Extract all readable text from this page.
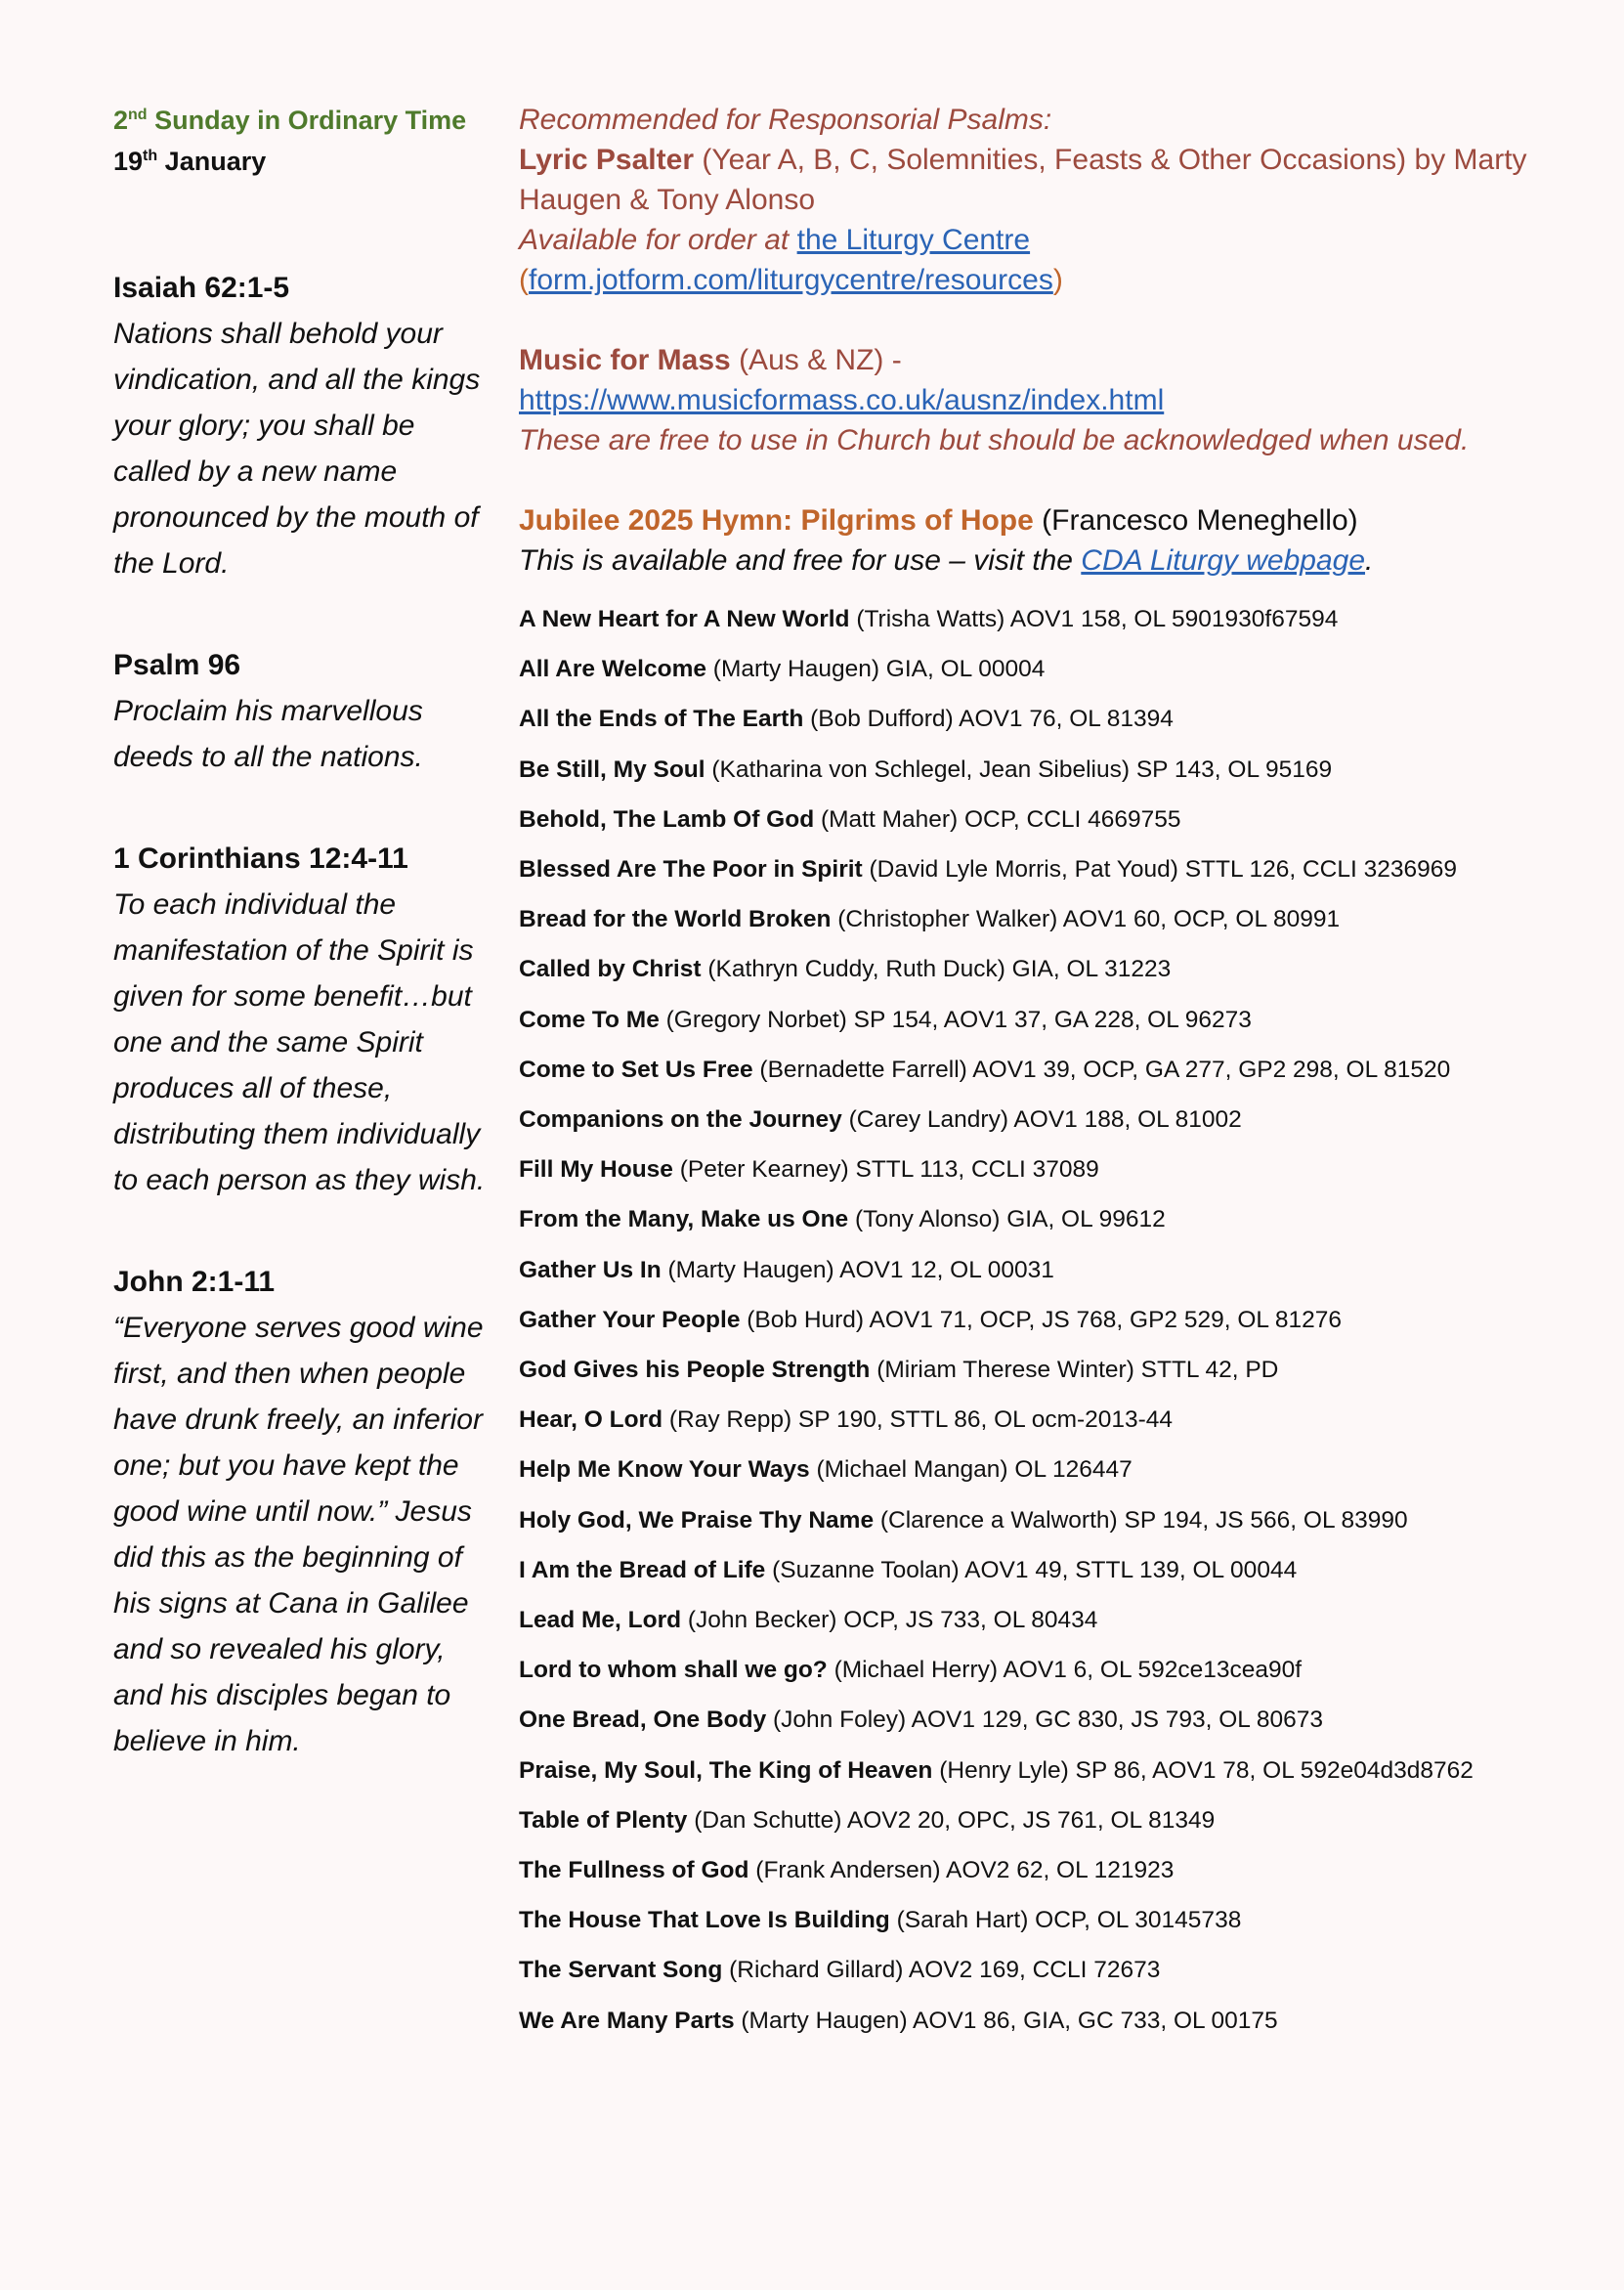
2nd Sunday in Ordinary Time
19th January
Isaiah 62:1-5
Nations shall behold your vindication, and all the kings your glory; you shall be called by a new name pronounced by the mouth of the Lord.
Psalm 96
Proclaim his marvellous deeds to all the nations.
1 Corinthians 12:4-11
To each individual the manifestation of the Spirit is given for some benefit…but one and the same Spirit produces all of these, distributing them individually to each person as they wish.
John 2:1-11
“Everyone serves good wine first, and then when people have drunk freely, an inferior one; but you have kept the good wine until now.” Jesus did this as the beginning of his signs at Cana in Galilee and so revealed his glory, and his disciples began to believe in him.
Recommended for Responsorial Psalms:
Lyric Psalter (Year A, B, C, Solemnities, Feasts & Other Occasions) by Marty Haugen & Tony Alonso
Available for order at the Liturgy Centre
(form.jotform.com/liturgycentre/resources)
Music for Mass (Aus & NZ) -
https://www.musicformass.co.uk/ausnz/index.html
These are free to use in Church but should be acknowledged when used.
Jubilee 2025 Hymn: Pilgrims of Hope (Francesco Meneghello)
This is available and free for use – visit the CDA Liturgy webpage.
A New Heart for A New World (Trisha Watts) AOV1 158, OL 5901930f67594
All Are Welcome (Marty Haugen) GIA, OL 00004
All the Ends of The Earth (Bob Dufford) AOV1 76, OL 81394
Be Still, My Soul (Katharina von Schlegel, Jean Sibelius) SP 143, OL 95169
Behold, The Lamb Of God (Matt Maher) OCP, CCLI 4669755
Blessed Are The Poor in Spirit (David Lyle Morris, Pat Youd) STTL 126, CCLI 3236969
Bread for the World Broken (Christopher Walker) AOV1 60, OCP, OL 80991
Called by Christ (Kathryn Cuddy, Ruth Duck) GIA, OL 31223
Come To Me (Gregory Norbet) SP 154, AOV1 37, GA 228, OL 96273
Come to Set Us Free (Bernadette Farrell) AOV1 39, OCP, GA 277, GP2 298, OL 81520
Companions on the Journey (Carey Landry) AOV1 188, OL 81002
Fill My House (Peter Kearney) STTL 113, CCLI 37089
From the Many, Make us One (Tony Alonso) GIA, OL 99612
Gather Us In (Marty Haugen) AOV1 12, OL 00031
Gather Your People (Bob Hurd) AOV1 71, OCP, JS 768, GP2 529, OL 81276
God Gives his People Strength (Miriam Therese Winter) STTL 42, PD
Hear, O Lord (Ray Repp) SP 190, STTL 86, OL ocm-2013-44
Help Me Know Your Ways (Michael Mangan) OL 126447
Holy God, We Praise Thy Name (Clarence a Walworth) SP 194, JS 566, OL 83990
I Am the Bread of Life (Suzanne Toolan) AOV1 49, STTL 139, OL 00044
Lead Me, Lord (John Becker) OCP, JS 733, OL 80434
Lord to whom shall we go? (Michael Herry) AOV1 6, OL 592ce13cea90f
One Bread, One Body (John Foley) AOV1 129, GC 830, JS 793, OL 80673
Praise, My Soul, The King of Heaven (Henry Lyle) SP 86, AOV1 78, OL 592e04d3d8762
Table of Plenty (Dan Schutte) AOV2 20, OPC, JS 761, OL 81349
The Fullness of God (Frank Andersen) AOV2 62, OL 121923
The House That Love Is Building (Sarah Hart) OCP, OL 30145738
The Servant Song (Richard Gillard) AOV2 169, CCLI 72673
We Are Many Parts (Marty Haugen) AOV1 86, GIA, GC 733, OL 00175
